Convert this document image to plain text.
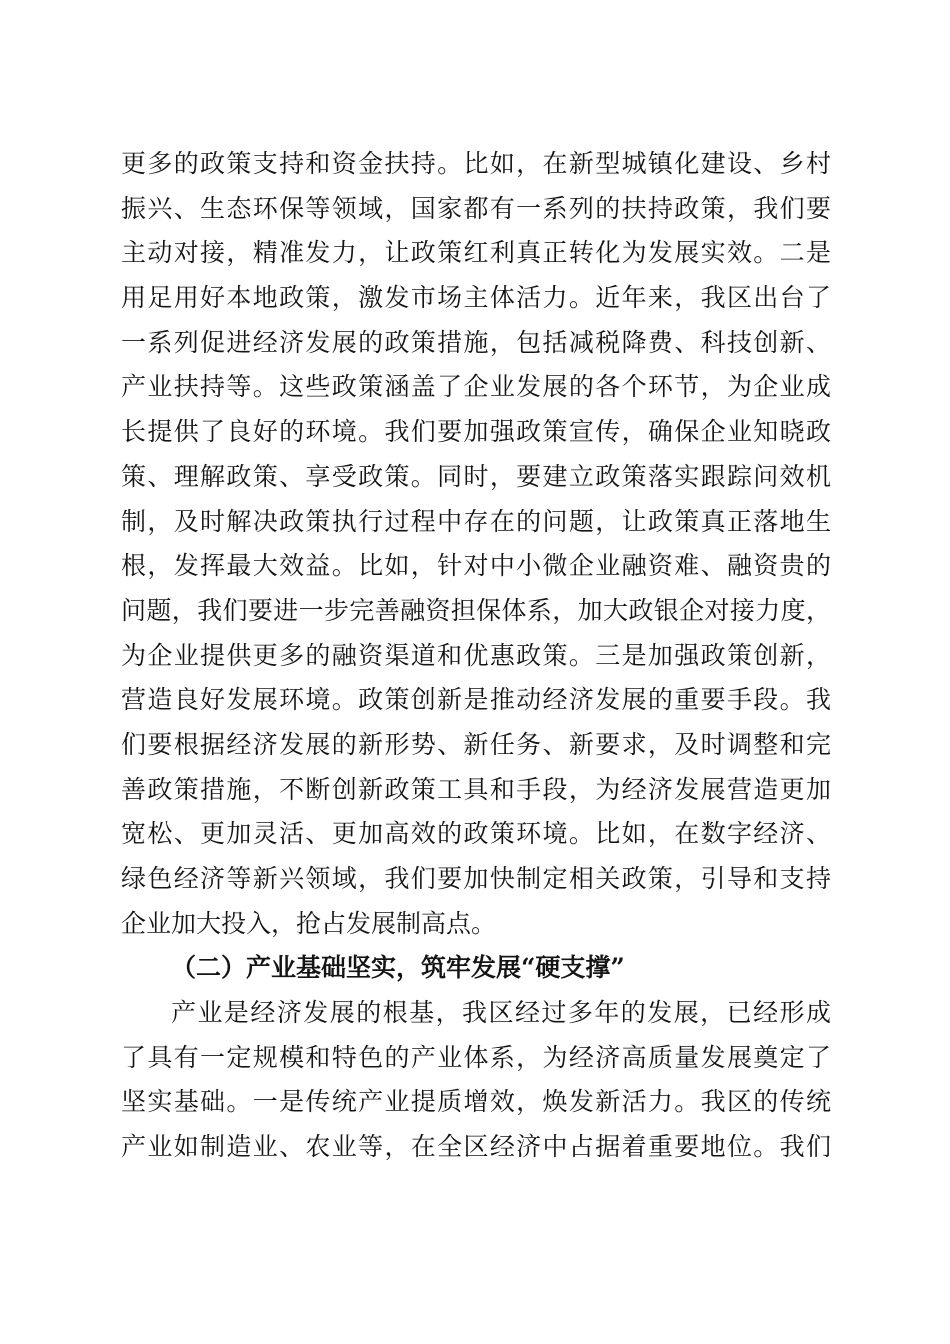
更多的政策支持和资金扶持。比如，在新型城镇化建设、乡村
振兴、生态环保等领域，国家都有一系列的扶持政策，我们要
主动对接，精准发力，让政策红利真正转化为发展实效。二是
用足用好本地政策，激发市场主体活力。近年来，我区出台了
一系列促进经济发展的政策措施，包括减税降费、科技创新、
产业扶持等。这些政策涵盖了企业发展的各个环节，为企业成
长提供了良好的环境。我们要加强政策宣传，确保企业知晓政
策、理解政策、享受政策。同时，要建立政策落实跟踪问效机
制，及时解决政策执行过程中存在的问题，让政策真正落地生
根，发挥最大效益。比如，针对中小微企业融资难、融资贵的
问题，我们要进一步完善融资担保体系，加大政银企对接力度，
为企业提供更多的融资渠道和优惠政策。三是加强政策创新，
营造良好发展环境。政策创新是推动经济发展的重要手段。我
们要根据经济发展的新形势、新任务、新要求，及时调整和完
善政策措施，不断创新政策工具和手段，为经济发展营造更加
宽松、更加灵活、更加高效的政策环境。比如，在数字经济、
绿色经济等新兴领域，我们要加快制定相关政策，引导和支持
企业加大投入，抢占发展制高点。
（二）产业基础坚实，筑牢发展“硬支撑”
产业是经济发展的根基，我区经过多年的发展，已经形成
了具有一定规模和特色的产业体系，为经济高质量发展奠定了
坚实基础。一是传统产业提质增效，焕发新活力。我区的传统
产业如制造业、农业等，在全区经济中占据着重要地位。我们
